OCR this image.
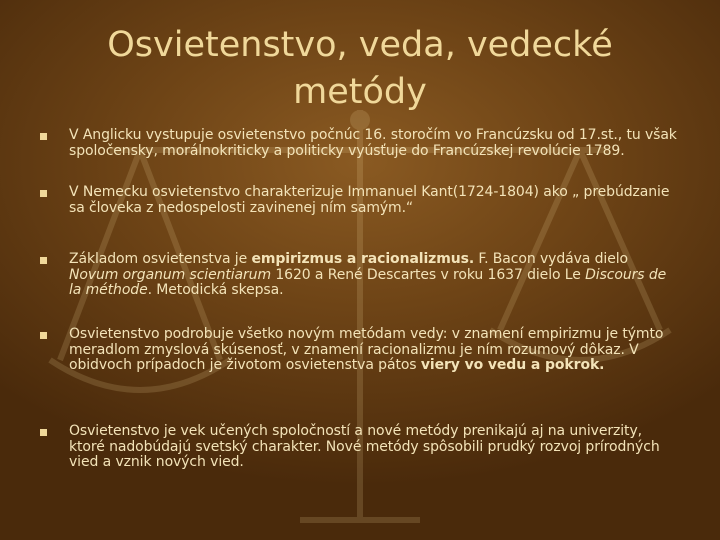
Osvietenstvo, veda, vedecké
metódy
V Anglicku vystupuje osvietenstvo počnúc 16. storočím vo Francúzsku od 17.st., tu však spoločensky, morálnokriticky a politicky vyúsťuje do Francúzskej revolúcie 1789.
V Nemecku osvietenstvo charakterizuje Immanuel Kant(1724-1804) ako „ prebúdzanie sa človeka z nedospelosti zavinenej ním samým.“
Základom osvietenstva je empirizmus a racionalizmus. F. Bacon vydáva dielo Novum organum scientiarum 1620 a René Descartes v roku 1637 dielo Le Discours de la méthode. Metodická skepsa.
Osvietenstvo podrobuje všetko novým metódam vedy: v znamení empirizmu je týmto meradlom zmyslová skúsenosť, v znamení racionalizmu je ním rozumový dôkaz. V obidvoch prípadoch je životom osvietenstva pátos viery vo vedu a pokrok.
Osvietenstvo je vek učených spoločností a nové metódy prenikajú aj na univerzity, ktoré nadobúdajú svetský charakter. Nové metódy spôsobili prudký rozvoj prírodných vied a vznik nových vied.
